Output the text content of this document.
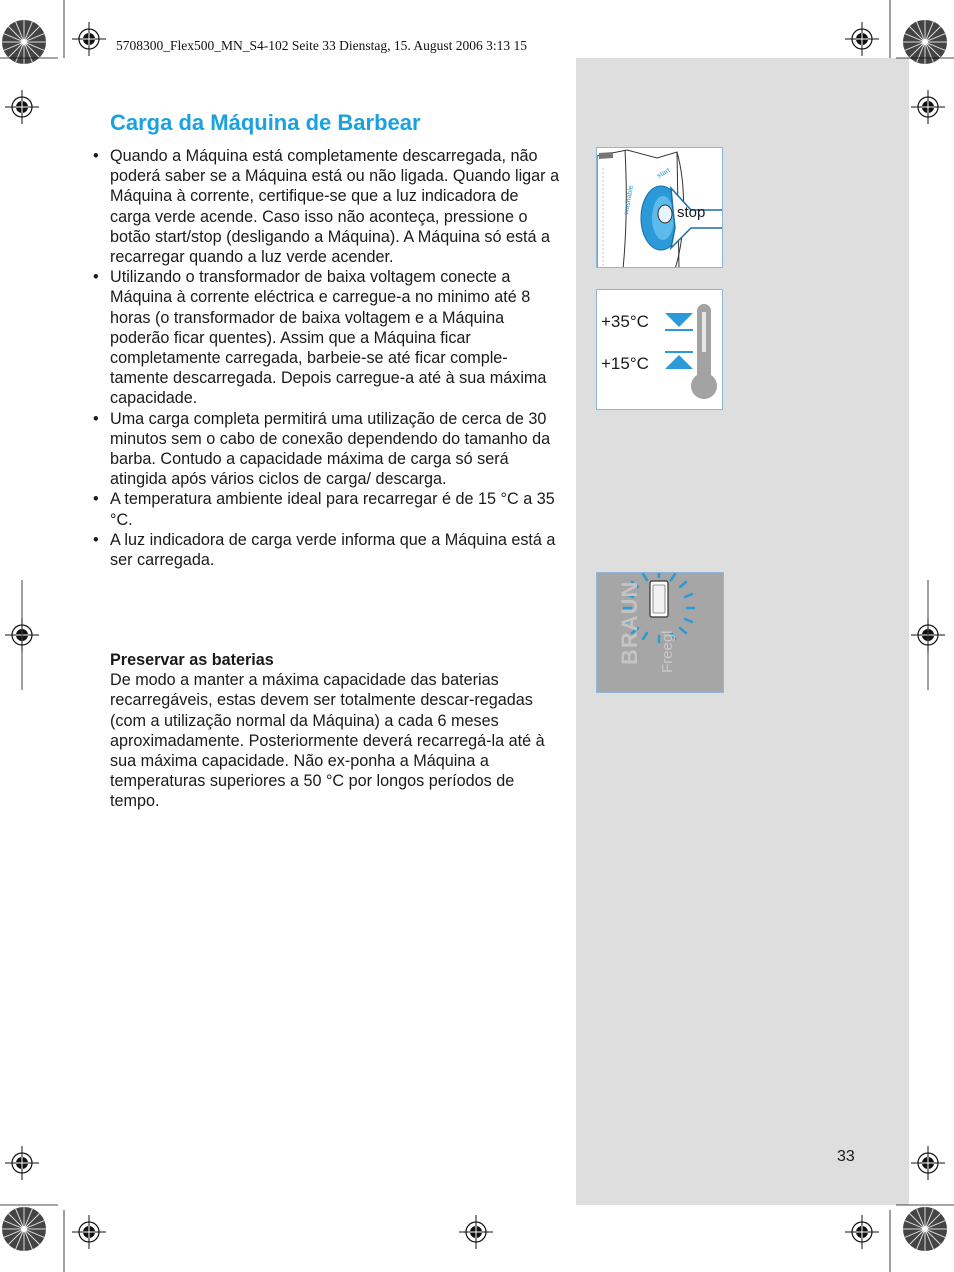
5708300_Flex500_MN_S4-102 Seite 33 Dienstag, 15. August 2006 3:13 15
Carga da Máquina de Barbear
• Quando a Máquina está completamente descarregada, não poderá saber se a Máquina está ou não ligada. Quando ligar a Máquina à corrente, certifique-se que a luz indicadora de carga verde acende. Caso isso não aconteça, pressione o botão start/stop (desligando a Máquina). A Máquina só está a recarregar quando a luz verde acender.
• Utilizando o transformador de baixa voltagem conecte a Máquina à corrente eléctrica e carregue-a no minimo até 8 horas (o transformador de baixa voltagem e a Máquina poderão ficar quentes). Assim que a Máquina ficar completamente carregada, barbeie-se até ficar comple-tamente descarregada. Depois carregue-a até à sua máxima capacidade.
• Uma carga completa permitirá uma utilização de cerca de 30 minutos sem o cabo de conexão dependendo do tamanho da barba. Contudo a capacidade máxima de carga só será atingida após vários ciclos de carga/ descarga.
• A temperatura ambiente ideal para recarregar é de 15 °C a 35 °C.
• A luz indicadora de carga verde informa que a Máquina está a ser carregada.

Preservar as baterias

De modo a manter a máxima capacidade das baterias recarregáveis, estas devem ser totalmente descar-regadas (com a utilização normal da Máquina) a cada 6 meses aproximadamente. Posteriormente deverá recarregá-la até à sua máxima capacidade. Não ex-ponha a Máquina a temperaturas superiores a 50 °C por longos períodos de tempo.

33
stop
start
washable
+35°C
+15°C
BRAUN Freegl
